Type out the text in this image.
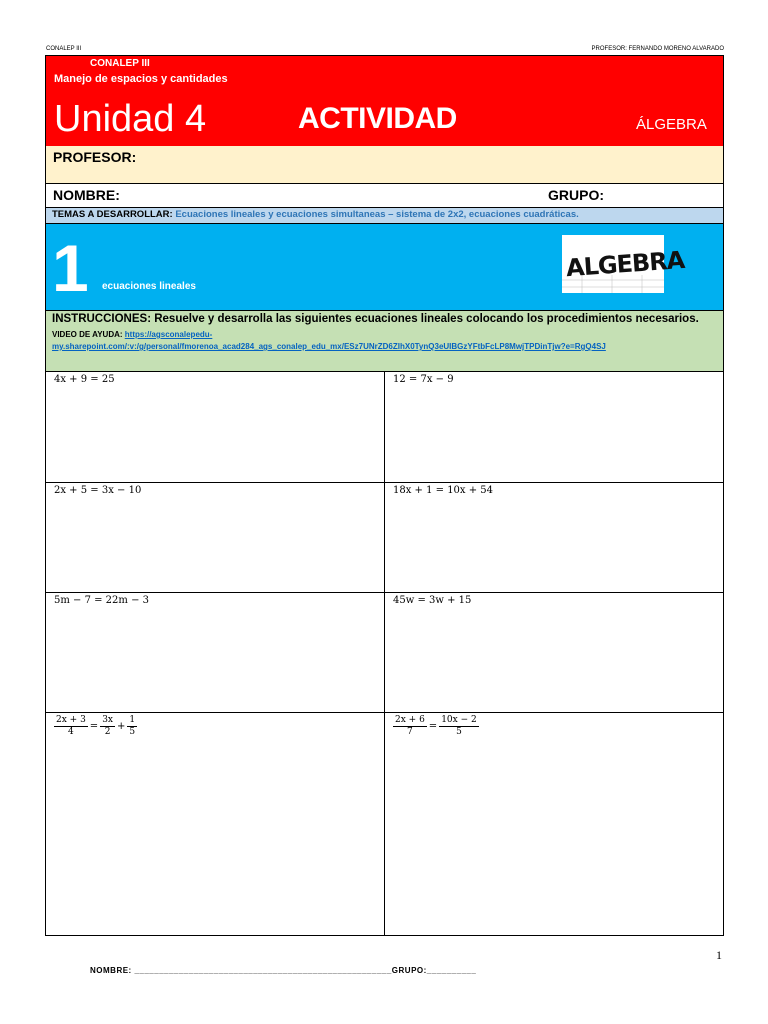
CONALEP III	PROFESOR: FERNANDO MORENO ALVARADO
CONALEP III
Manejo de espacios y cantidades
Unidad 4	ACTIVIDAD	ÁLGEBRA
PROFESOR:
NOMBRE:	GRUPO:
TEMAS A DESARROLLAR: Ecuaciones lineales y ecuaciones simultaneas – sistema de 2x2, ecuaciones cuadráticas.
1 ecuaciones lineales
ALGEBRA
INSTRUCCIONES: Resuelve y desarrolla las siguientes ecuaciones lineales colocando los procedimientos necesarios.
VIDEO DE AYUDA: https://agsconalepedu-
my.sharepoint.com/:v:/g/personal/fmorenoa_acad284_ags_conalep_edu_mx/ESz7UNrZD6ZIhX0TynQ3eUIBGzYFtbFcLP8MwjTPDinTjw?e=RgQ4SJ
4x + 9 = 25	12 = 7x − 9
2x + 5 = 3x − 10	18x + 1 = 10x + 54
5m − 7 = 22m − 3	45w = 3w + 15
$\frac{2x + 3}{4} = \frac{3x}{2} + \frac{1}{5}$	$\frac{2x + 6}{7} = \frac{10x - 2}{5}$
1
NOMBRE: ____________________________________________________GRUPO:__________
